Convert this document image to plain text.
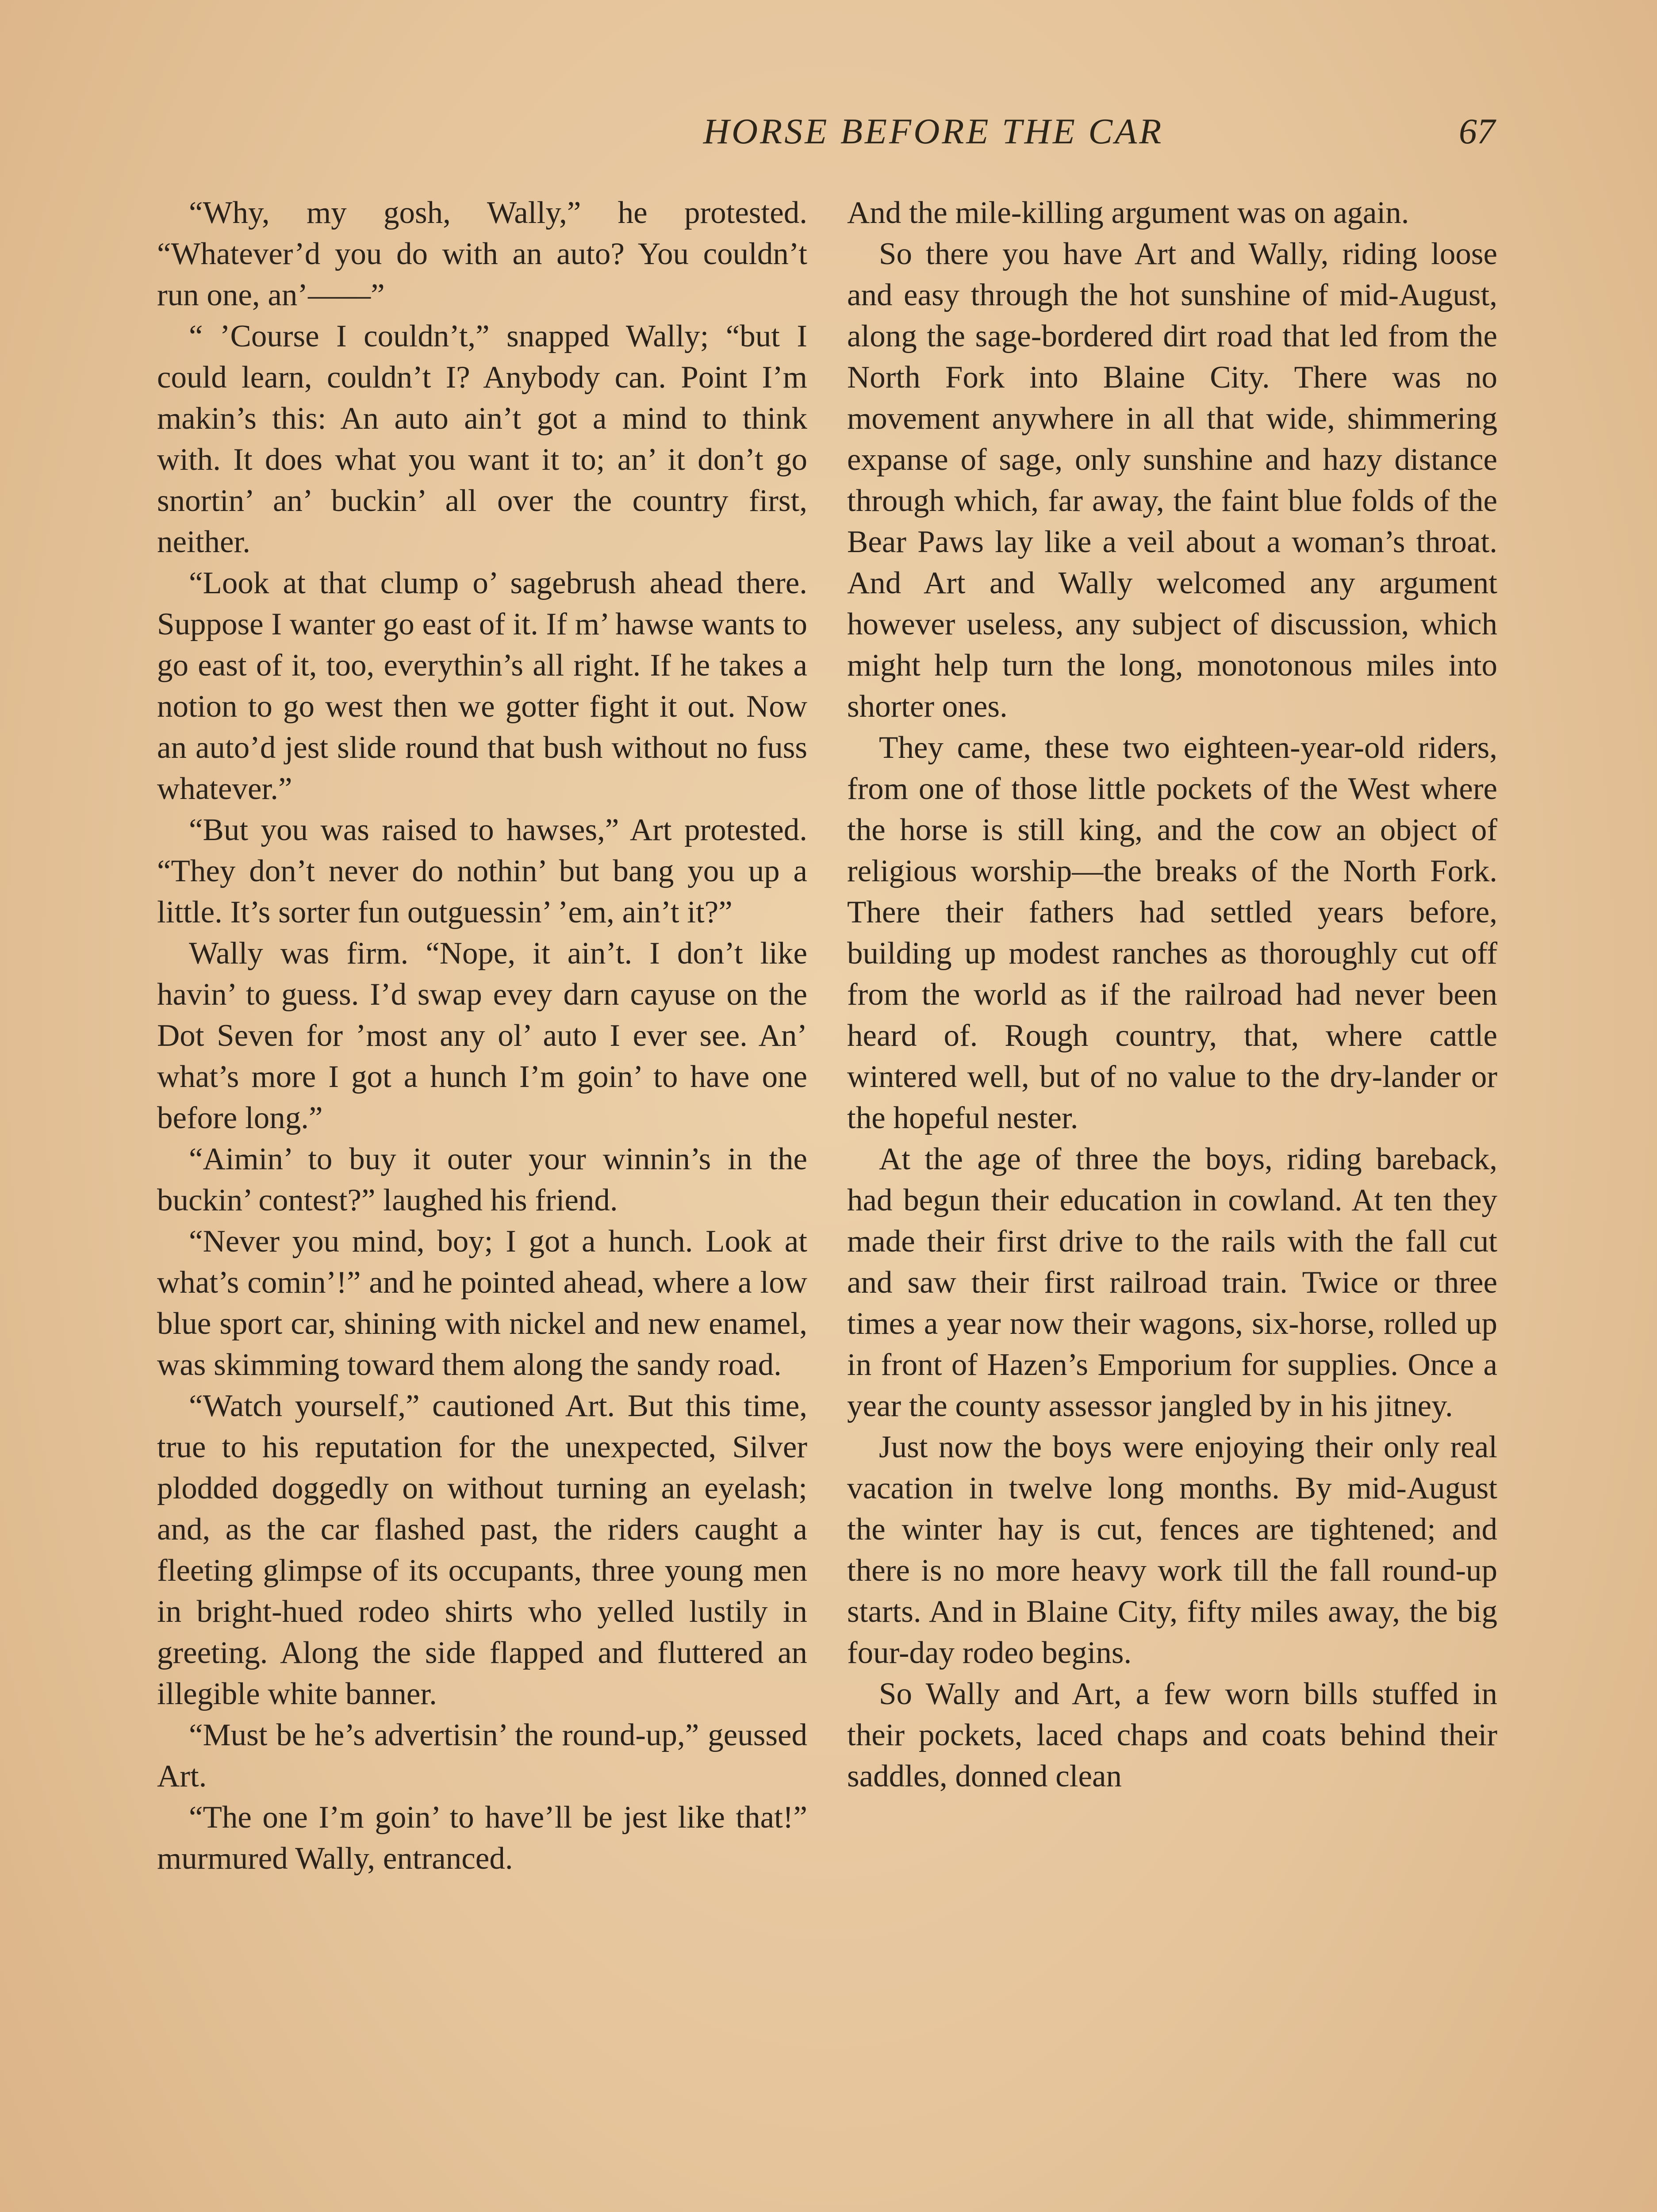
HORSE BEFORE THE CAR	67

“Why, my gosh, Wally,” he protested. “Whatever’d you do with an auto? You couldn’t run one, an’——”

“ ’Course I couldn’t,” snapped Wally; “but I could learn, couldn’t I? Anybody can. Point I’m makin’s this: An auto ain’t got a mind to think with. It does what you want it to; an’ it don’t go snortin’ an’ buckin’ all over the country first, neither.

“Look at that clump o’ sagebrush ahead there. Suppose I wanter go east of it. If m’ hawse wants to go east of it, too, everythin’s all right. If he takes a notion to go west then we gotter fight it out. Now an auto’d jest slide round that bush without no fuss whatever.”

“But you was raised to hawses,” Art protested. “They don’t never do nothin’ but bang you up a little. It’s sorter fun outguessin’ ’em, ain’t it?”

Wally was firm. “Nope, it ain’t. I don’t like havin’ to guess. I’d swap evey darn cayuse on the Dot Seven for ’most any ol’ auto I ever see. An’ what’s more I got a hunch I’m goin’ to have one before long.”

“Aimin’ to buy it outer your winnin’s in the buckin’ contest?” laughed his friend.

“Never you mind, boy; I got a hunch. Look at what’s comin’!” and he pointed ahead, where a low blue sport car, shining with nickel and new enamel, was skimming toward them along the sandy road.

“Watch yourself,” cautioned Art. But this time, true to his reputation for the unexpected, Silver plodded doggedly on without turning an eyelash; and, as the car flashed past, the riders caught a fleeting glimpse of its occupants, three young men in bright-hued rodeo shirts who yelled lustily in greeting. Along the side flapped and fluttered an illegible white banner.

“Must be he’s advertisin’ the round-up,” geussed Art.

“The one I’m goin’ to have’ll be jest like that!” murmured Wally, entranced.

And the mile-killing argument was on again.

So there you have Art and Wally, riding loose and easy through the hot sunshine of mid-August, along the sage-bordered dirt road that led from the North Fork into Blaine City. There was no movement anywhere in all that wide, shimmering expanse of sage, only sunshine and hazy distance through which, far away, the faint blue folds of the Bear Paws lay like a veil about a woman’s throat. And Art and Wally welcomed any argument however useless, any subject of discussion, which might help turn the long, monotonous miles into shorter ones.

They came, these two eighteen-year-old riders, from one of those little pockets of the West where the horse is still king, and the cow an object of religious worship—the breaks of the North Fork. There their fathers had settled years before, building up modest ranches as thoroughly cut off from the world as if the railroad had never been heard of. Rough country, that, where cattle wintered well, but of no value to the dry-lander or the hopeful nester.

At the age of three the boys, riding bareback, had begun their education in cowland. At ten they made their first drive to the rails with the fall cut and saw their first railroad train. Twice or three times a year now their wagons, six-horse, rolled up in front of Hazen’s Emporium for supplies. Once a year the county assessor jangled by in his jitney.

Just now the boys were enjoying their only real vacation in twelve long months. By mid-August the winter hay is cut, fences are tightened; and there is no more heavy work till the fall round-up starts. And in Blaine City, fifty miles away, the big four-day rodeo begins.

So Wally and Art, a few worn bills stuffed in their pockets, laced chaps and coats behind their saddles, donned clean
